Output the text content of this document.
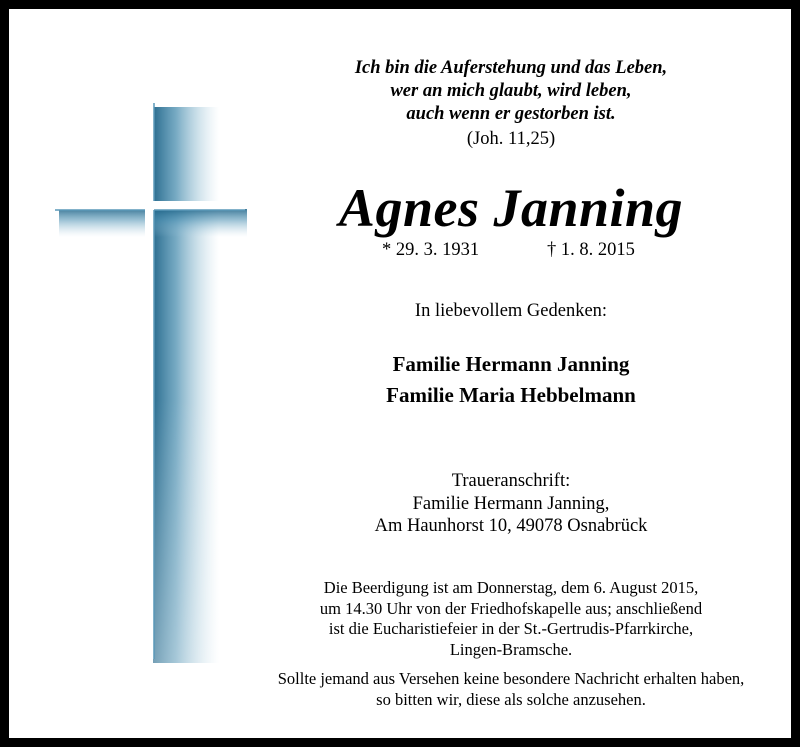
Ich bin die Auferstehung und das Leben,
wer an mich glaubt, wird leben,
auch wenn er gestorben ist.
(Joh. 11,25)
Agnes Janning
* 29. 3. 1931	† 1. 8. 2015
In liebevollem Gedenken:
Familie Hermann Janning
Familie Maria Hebbelmann
Traueranschrift:
Familie Hermann Janning,
Am Haunhorst 10, 49078 Osnabrück
Die Beerdigung ist am Donnerstag, dem 6. August 2015,
um 14.30 Uhr von der Friedhofskapelle aus; anschließend
ist die Eucharistiefeier in der St.-Gertrudis-Pfarrkirche,
Lingen-Bramsche.
Sollte jemand aus Versehen keine besondere Nachricht erhalten haben,
so bitten wir, diese als solche anzusehen.
